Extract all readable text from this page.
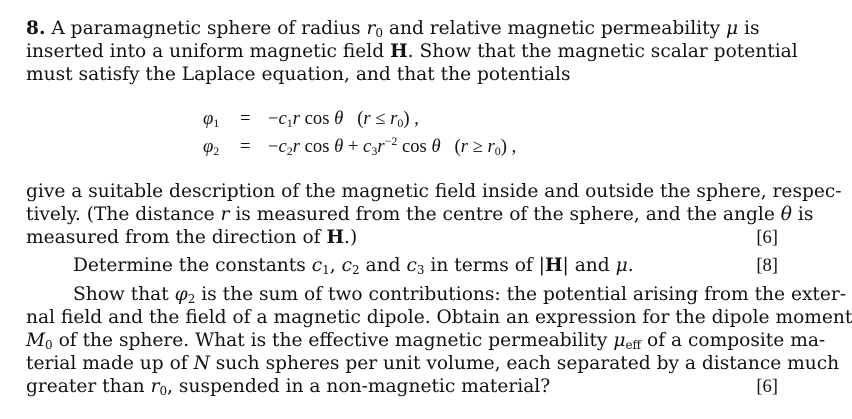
8. A paramagnetic sphere of radius $r_0$ and relative magnetic permeability μ is
inserted into a uniform magnetic field H. Show that the magnetic scalar potential
must satisfy the Laplace equation, and that the potentials
$\varphi_1 = -c_1r$ cos θ   $(r \le r_0)$ ,
$\varphi_2 = -c_2r$ $\cos \theta + c_3r^{-2}$ cos θ   $(r \ge r_0)$ ,
give a suitable description of the magnetic field inside and outside the sphere, respec-
tively. (The distance r is measured from the centre of the sphere, and the angle θ is
measured from the direction of H.)	[6]
Determine the constants $c_1$, $c_2$ and $c_3$ in terms of |H| and μ.	[8]
Show that $\varphi_2$ is the sum of two contributions: the potential arising from the exter-
nal field and the field of a magnetic dipole. Obtain an expression for the dipole moment
$M_0$ of the sphere. What is the effective magnetic permeability $\mu_{eff}$ of a composite ma-
terial made up of N such spheres per unit volume, each separated by a distance much
greater than $r_0$, suspended in a non-magnetic material?	[6]
